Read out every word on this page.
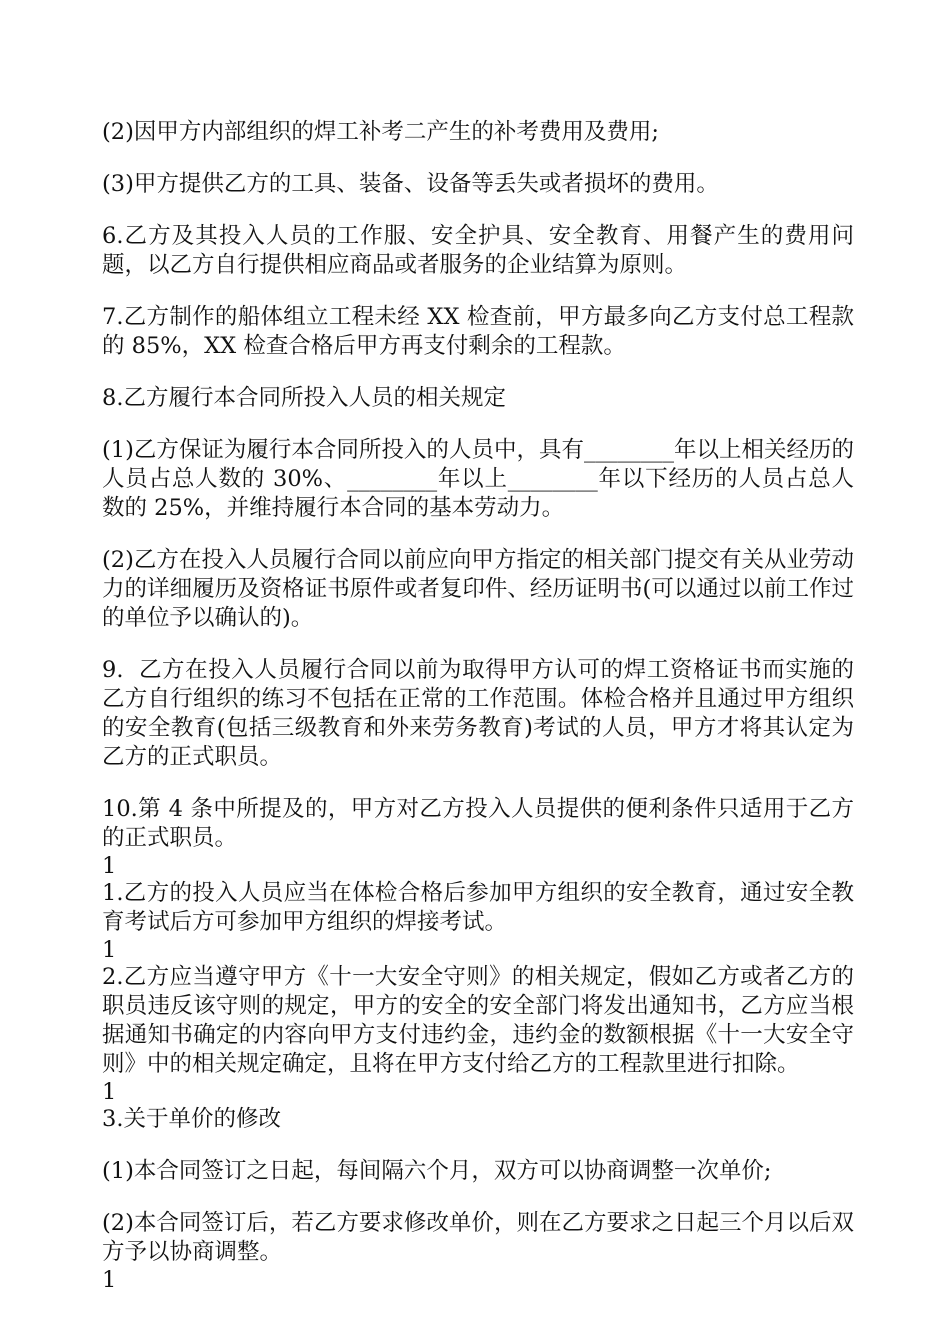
(2)因甲方内部组织的焊工补考二产生的补考费用及费用;

(3)甲方提供乙方的工具、装备、设备等丢失或者损坏的费用。

6.乙方及其投入人员的工作服、安全护具、安全教育、用餐产生的费用问题，以乙方自行提供相应商品或者服务的企业结算为原则。

7.乙方制作的船体组立工程未经 XX 检查前，甲方最多向乙方支付总工程款的 85%，XX 检查合格后甲方再支付剩余的工程款。

8.乙方履行本合同所投入人员的相关规定

(1)乙方保证为履行本合同所投入的人员中，具有________年以上相关经历的人员占总人数的 30%、________年以上________年以下经历的人员占总人数的 25%，并维持履行本合同的基本劳动力。

(2)乙方在投入人员履行合同以前应向甲方指定的相关部门提交有关从业劳动力的详细履历及资格证书原件或者复印件、经历证明书(可以通过以前工作过的单位予以确认的)。

9.  乙方在投入人员履行合同以前为取得甲方认可的焊工资格证书而实施的乙方自行组织的练习不包括在正常的工作范围。体检合格并且通过甲方组织的安全教育(包括三级教育和外来劳务教育)考试的人员，甲方才将其认定为乙方的正式职员。

10.第 4 条中所提及的，甲方对乙方投入人员提供的便利条件只适用于乙方的正式职员。

1

1.乙方的投入人员应当在体检合格后参加甲方组织的安全教育，通过安全教育考试后方可参加甲方组织的焊接考试。

1

2.乙方应当遵守甲方《十一大安全守则》的相关规定，假如乙方或者乙方的职员违反该守则的规定，甲方的安全的安全部门将发出通知书，乙方应当根据通知书确定的内容向甲方支付违约金，违约金的数额根据《十一大安全守则》中的相关规定确定，且将在甲方支付给乙方的工程款里进行扣除。

1

3.关于单价的修改

(1)本合同签订之日起，每间隔六个月，双方可以协商调整一次单价;

(2)本合同签订后，若乙方要求修改单价，则在乙方要求之日起三个月以后双方予以协商调整。

1
